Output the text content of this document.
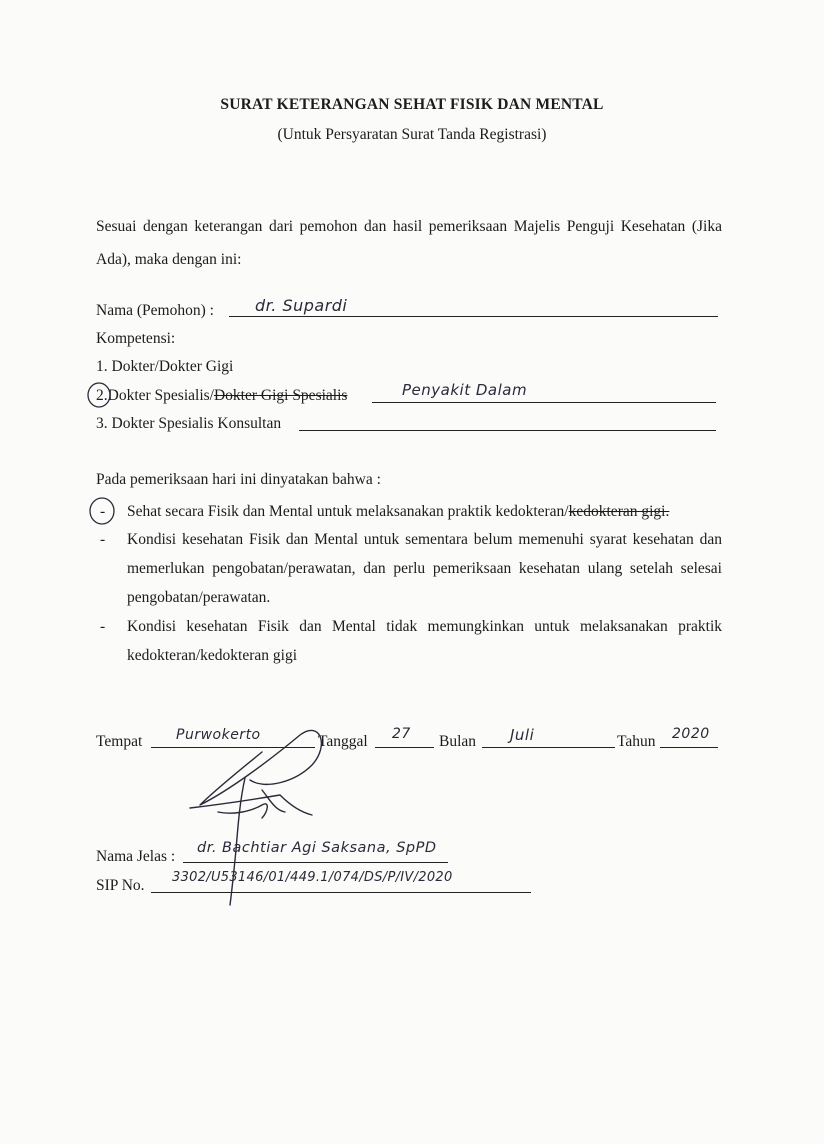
SURAT KETERANGAN SEHAT FISIK DAN MENTAL
(Untuk Persyaratan Surat Tanda Registrasi)
Sesuai dengan keterangan dari pemohon dan hasil pemeriksaan Majelis Penguji Kesehatan (Jika Ada), maka dengan ini:
Nama (Pemohon) :	dr. Supardi
Kompetensi:
1. Dokter/Dokter Gigi
2.Dokter Spesialis/Dokter Gigi Spesialis	Penyakit Dalam
3. Dokter Spesialis Konsultan
Pada pemeriksaan hari ini dinyatakan bahwa :
- Sehat secara Fisik dan Mental untuk melaksanakan praktik kedokteran/kedokteran gigi.
- Kondisi kesehatan Fisik dan Mental untuk sementara belum memenuhi syarat kesehatan dan memerlukan pengobatan/perawatan, dan perlu pemeriksaan kesehatan ulang setelah selesai pengobatan/perawatan.
- Kondisi kesehatan Fisik dan Mental tidak memungkinkan untuk melaksanakan praktik kedokteran/kedokteran gigi
Tempat Purwokerto	Tanggal 27 Bulan Juli	Tahun 2020
Nama Jelas : dr. Bachtiar Agi Saksana, SpPD
SIP No. 3302/U53146/01/449.1/074/DS/P/IV/2020
